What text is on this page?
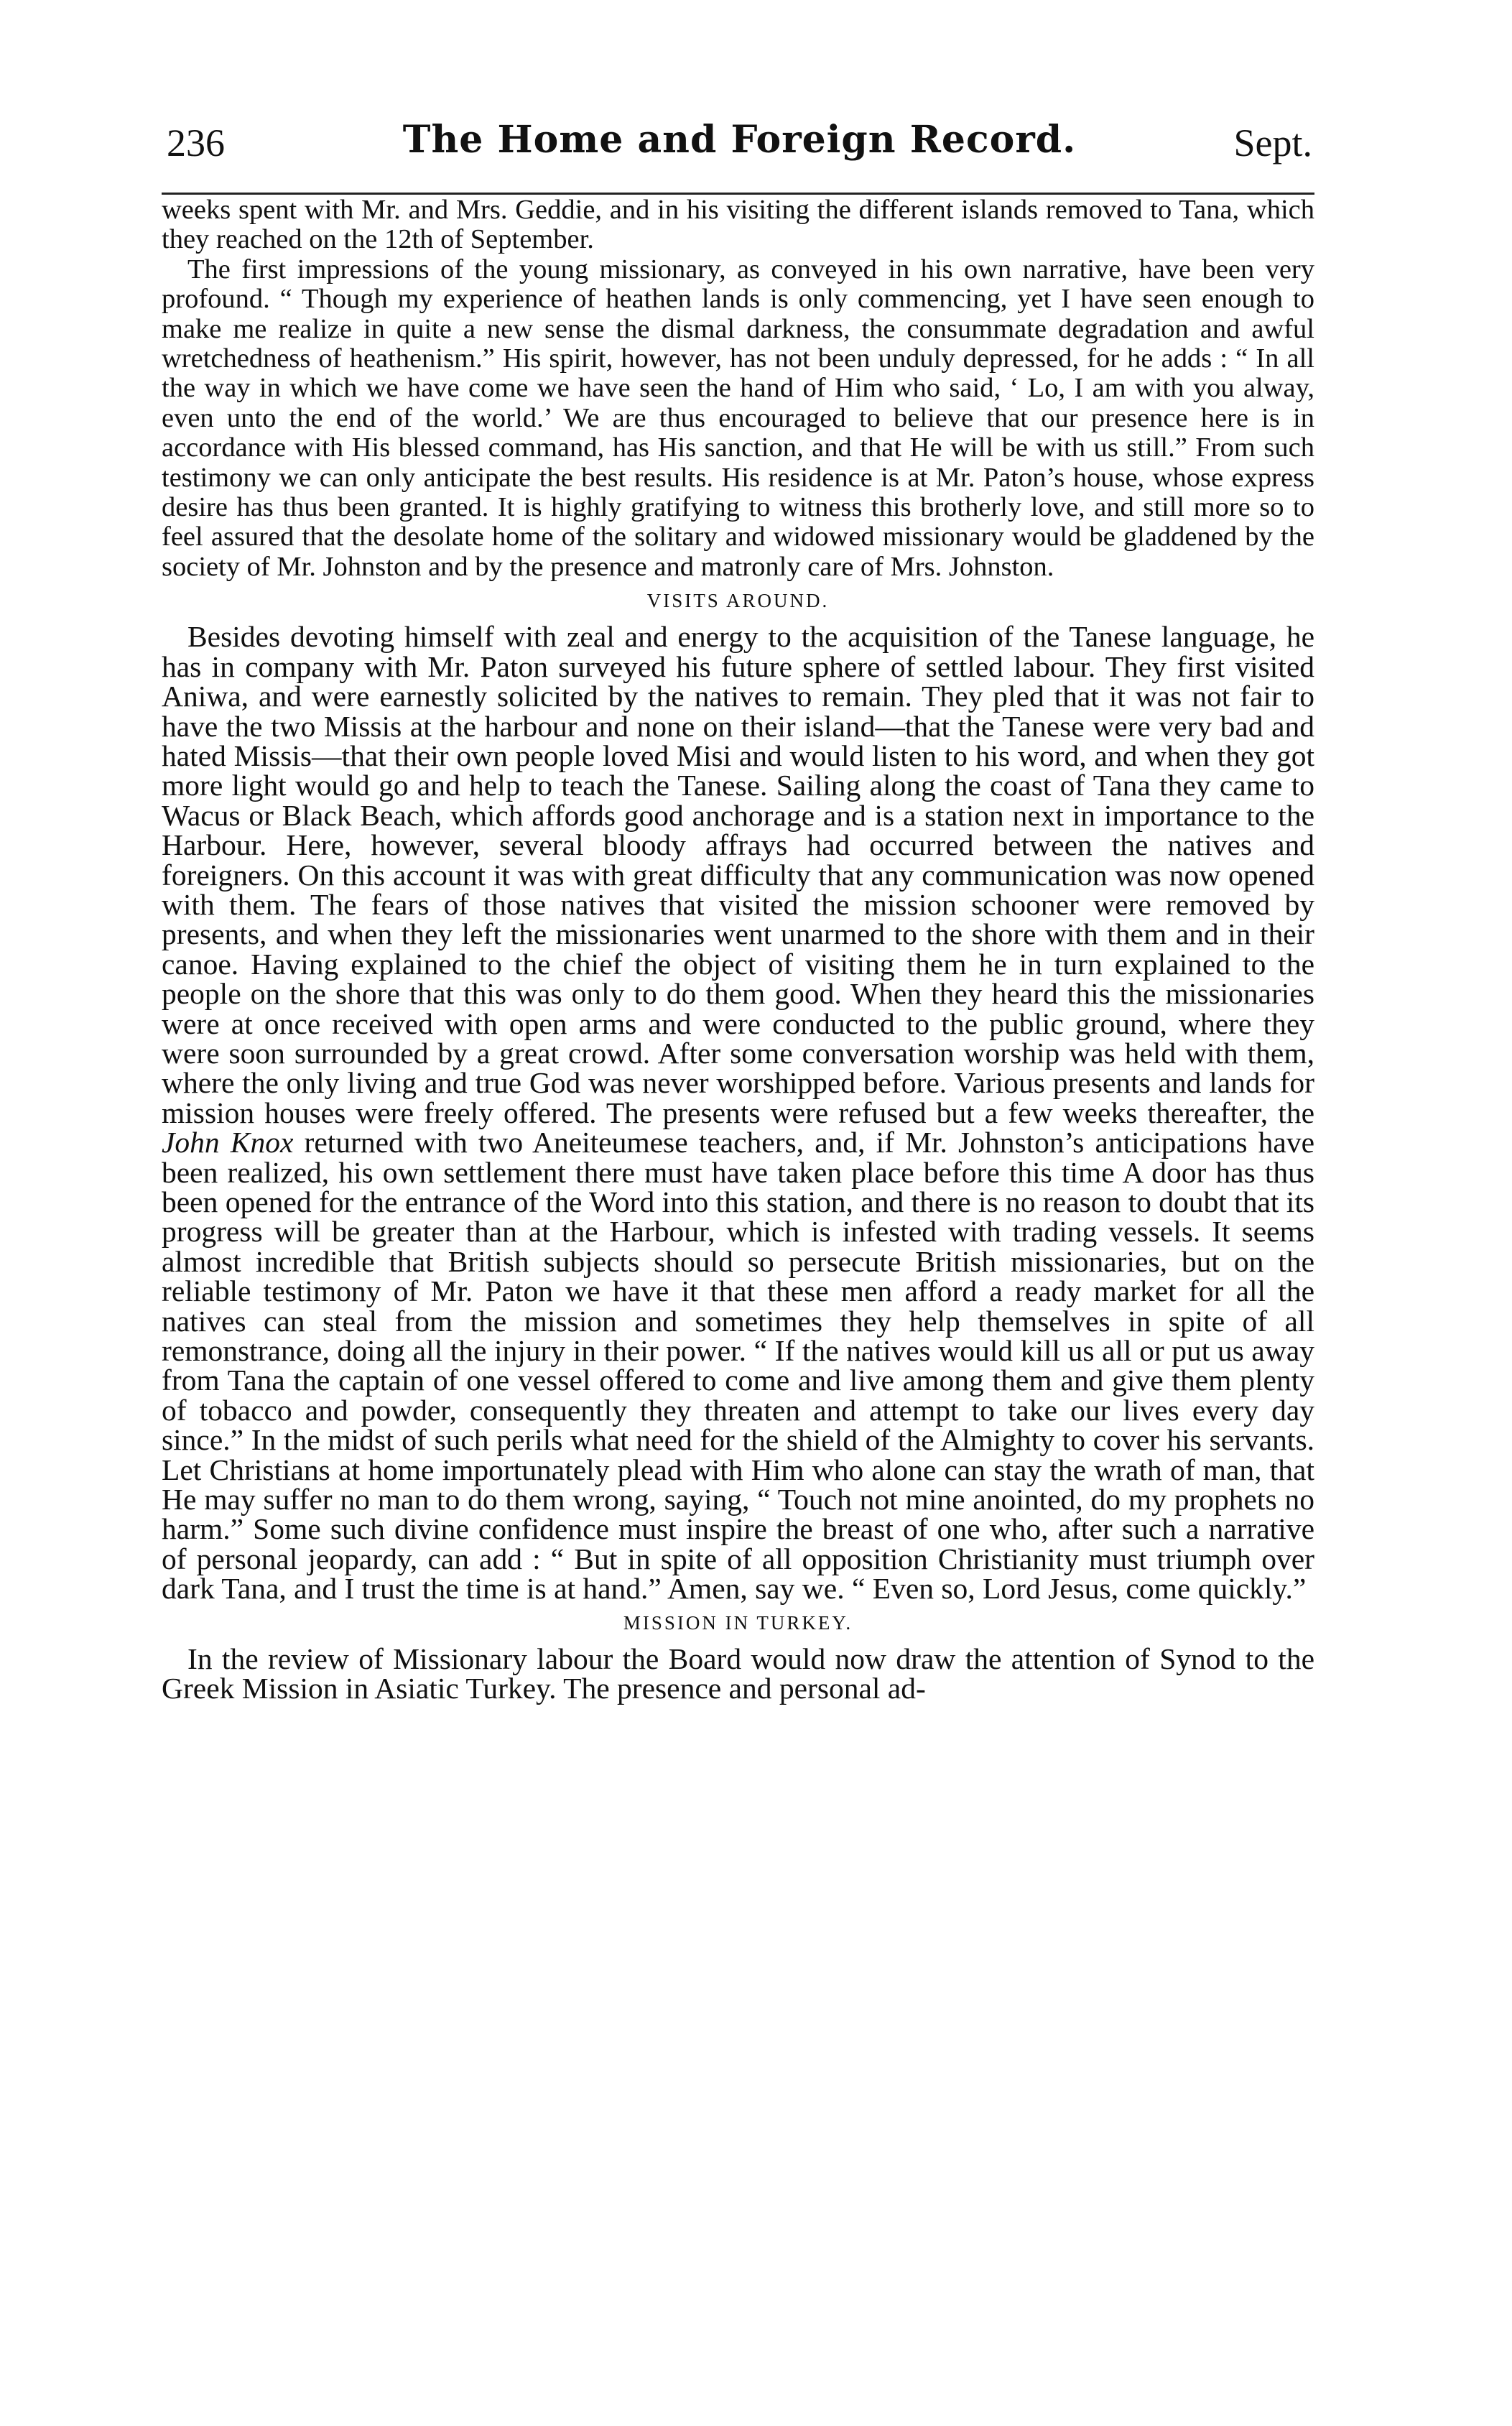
236	The Home and Foreign Record.	Sept.

weeks spent with Mr. and Mrs. Geddie, and in his visiting the different islands removed to Tana, which they reached on the 12th of September.

The first impressions of the young missionary, as conveyed in his own narrative, have been very profound. “ Though my experience of heathen lands is only commencing, yet I have seen enough to make me realize in quite a new sense the dismal darkness, the consummate degradation and awful wretchedness of heathenism.” His spirit, however, has not been unduly depressed, for he adds : “ In all the way in which we have come we have seen the hand of Him who said, ‘ Lo, I am with you alway, even unto the end of the world.’ We are thus encouraged to believe that our presence here is in accordance with His blessed command, has His sanction, and that He will be with us still.” From such testimony we can only anticipate the best results. His residence is at Mr. Paton’s house, whose express desire has thus been granted. It is highly gratifying to witness this brotherly love, and still more so to feel assured that the desolate home of the solitary and widowed missionary would be gladdened by the society of Mr. Johnston and by the presence and matronly care of Mrs. Johnston.

VISITS AROUND.

Besides devoting himself with zeal and energy to the acquisition of the Tanese language, he has in company with Mr. Paton surveyed his future sphere of settled labour. They first visited Aniwa, and were earnestly solicited by the natives to remain. They pled that it was not fair to have the two Missis at the harbour and none on their island—that the Tanese were very bad and hated Missis—that their own people loved Misi and would listen to his word, and when they got more light would go and help to teach the Tanese. Sailing along the coast of Tana they came to Wacus or Black Beach, which affords good anchorage and is a station next in importance to the Harbour. Here, however, several bloody affrays had occurred between the natives and foreigners. On this account it was with great difficulty that any communication was now opened with them. The fears of those natives that visited the mission schooner were removed by presents, and when they left the missionaries went unarmed to the shore with them and in their canoe. Having explained to the chief the object of visiting them he in turn explained to the people on the shore that this was only to do them good. When they heard this the missionaries were at once received with open arms and were conducted to the public ground, where they were soon surrounded by a great crowd. After some conversation worship was held with them, where the only living and true God was never worshipped before. Various presents and lands for mission houses were freely offered. The presents were refused but a few weeks thereafter, the John Knox returned with two Aneiteumese teachers, and, if Mr. Johnston’s anticipations have been realized, his own settlement there must have taken place before this time A door has thus been opened for the entrance of the Word into this station, and there is no reason to doubt that its progress will be greater than at the Harbour, which is infested with trading vessels. It seems almost incredible that British subjects should so persecute British missionaries, but on the reliable testimony of Mr. Paton we have it that these men afford a ready market for all the natives can steal from the mission and sometimes they help themselves in spite of all remonstrance, doing all the injury in their power. “ If the natives would kill us all or put us away from Tana the captain of one vessel offered to come and live among them and give them plenty of tobacco and powder, consequently they threaten and attempt to take our lives every day since.” In the midst of such perils what need for the shield of the Almighty to cover his servants. Let Christians at home importunately plead with Him who alone can stay the wrath of man, that He may suffer no man to do them wrong, saying, “ Touch not mine anointed, do my prophets no harm.” Some such divine confidence must inspire the breast of one who, after such a narrative of personal jeopardy, can add : “ But in spite of all opposition Christianity must triumph over dark Tana, and I trust the time is at hand.” Amen, say we. “ Even so, Lord Jesus, come quickly.”

MISSION IN TURKEY.

In the review of Missionary labour the Board would now draw the attention of Synod to the Greek Mission in Asiatic Turkey. The presence and personal ad-
